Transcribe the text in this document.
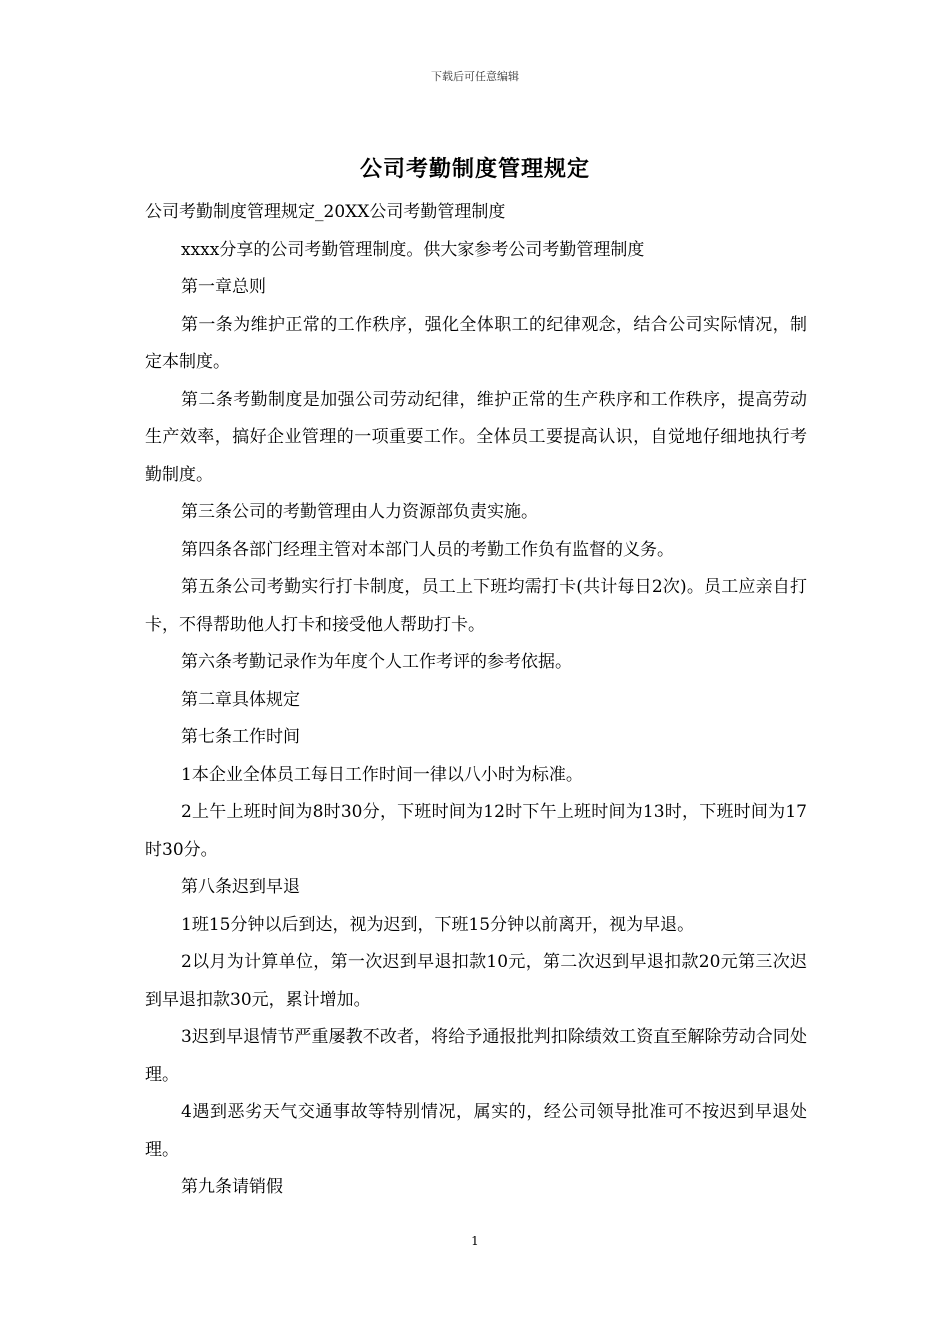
下载后可任意编辑
公司考勤制度管理规定

公司考勤制度管理规定_20XX公司考勤管理制度

xxxx分享的公司考勤管理制度。供大家参考公司考勤管理制度

第一章总则

第一条为维护正常的工作秩序，强化全体职工的纪律观念，结合公司实际情况，制定本制度。

第二条考勤制度是加强公司劳动纪律，维护正常的生产秩序和工作秩序，提高劳动生产效率，搞好企业管理的一项重要工作。全体员工要提高认识，自觉地仔细地执行考勤制度。

第三条公司的考勤管理由人力资源部负责实施。

第四条各部门经理主管对本部门人员的考勤工作负有监督的义务。

第五条公司考勤实行打卡制度，员工上下班均需打卡(共计每日2次)。员工应亲自打卡，不得帮助他人打卡和接受他人帮助打卡。

第六条考勤记录作为年度个人工作考评的参考依据。

第二章具体规定

第七条工作时间

1本企业全体员工每日工作时间一律以八小时为标准。

2上午上班时间为8时30分，下班时间为12时下午上班时间为13时，下班时间为17时30分。

第八条迟到早退

1班15分钟以后到达，视为迟到，下班15分钟以前离开，视为早退。

2以月为计算单位，第一次迟到早退扣款10元，第二次迟到早退扣款20元第三次迟到早退扣款30元，累计增加。

3迟到早退情节严重屡教不改者，将给予通报批判扣除绩效工资直至解除劳动合同处理。

4遇到恶劣天气交通事故等特别情况，属实的，经公司领导批准可不按迟到早退处理。

第九条请销假

1
